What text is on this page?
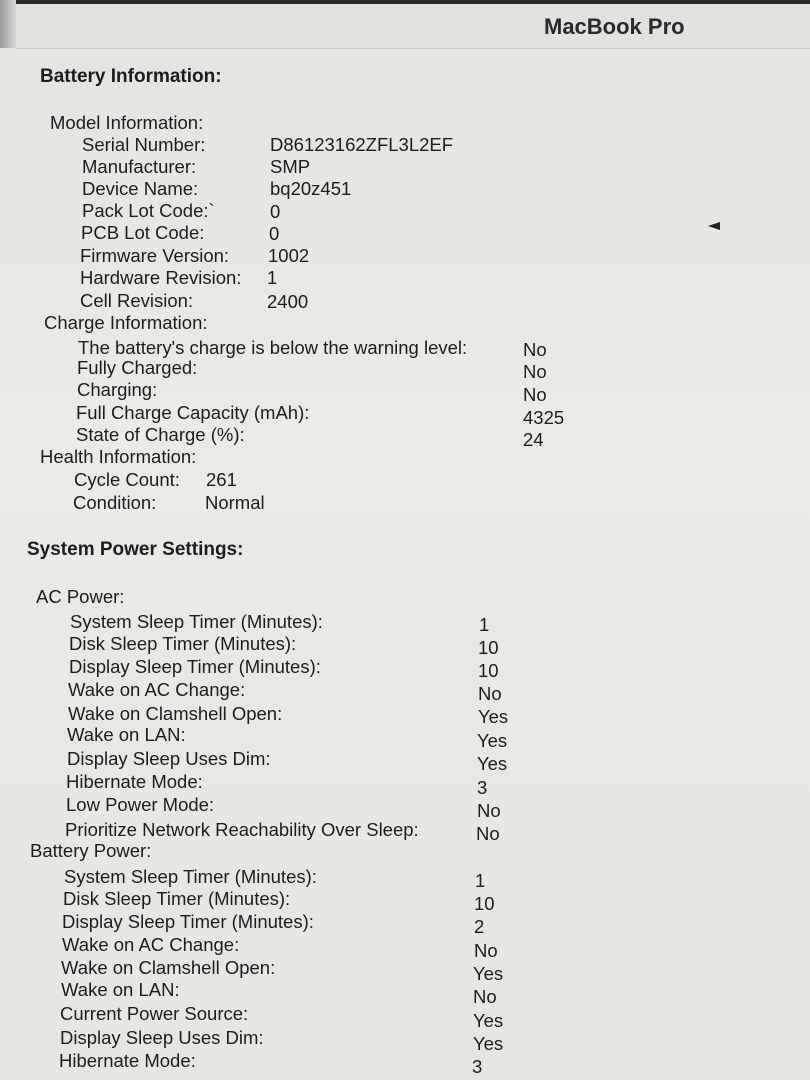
MacBook Pro
Battery Information:
Model Information:
Serial Number:	D86123162ZFL3L2EF
Manufacturer:	SMP
Device Name:	bq20z451
Pack Lot Code:`	0
PCB Lot Code:	0
Firmware Version: 1002
Hardware Revision: 1
Cell Revision:	2400
Charge Information:
The battery's charge is below the warning level:	No
Fully Charged:	No
Charging:	No
Full Charge Capacity (mAh):	4325
State of Charge (%):	24
Health Information:
Cycle Count: 261
Condition:	Normal
System Power Settings:
AC Power:
System Sleep Timer (Minutes):	1
Disk Sleep Timer (Minutes):	10
Display Sleep Timer (Minutes):	10
Wake on AC Change:	No
Wake on Clamshell Open:	Yes
Wake on LAN:	Yes
Display Sleep Uses Dim:	Yes
Hibernate Mode:	3
Low Power Mode:	No
Prioritize Network Reachability Over Sleep:	No
Battery Power:
System Sleep Timer (Minutes):	1
Disk Sleep Timer (Minutes):	10
Display Sleep Timer (Minutes):	2
Wake on AC Change:	No
Wake on Clamshell Open:	Yes
Wake on LAN:	No
Current Power Source:	Yes
Display Sleep Uses Dim:	Yes
Hibernate Mode:	3
